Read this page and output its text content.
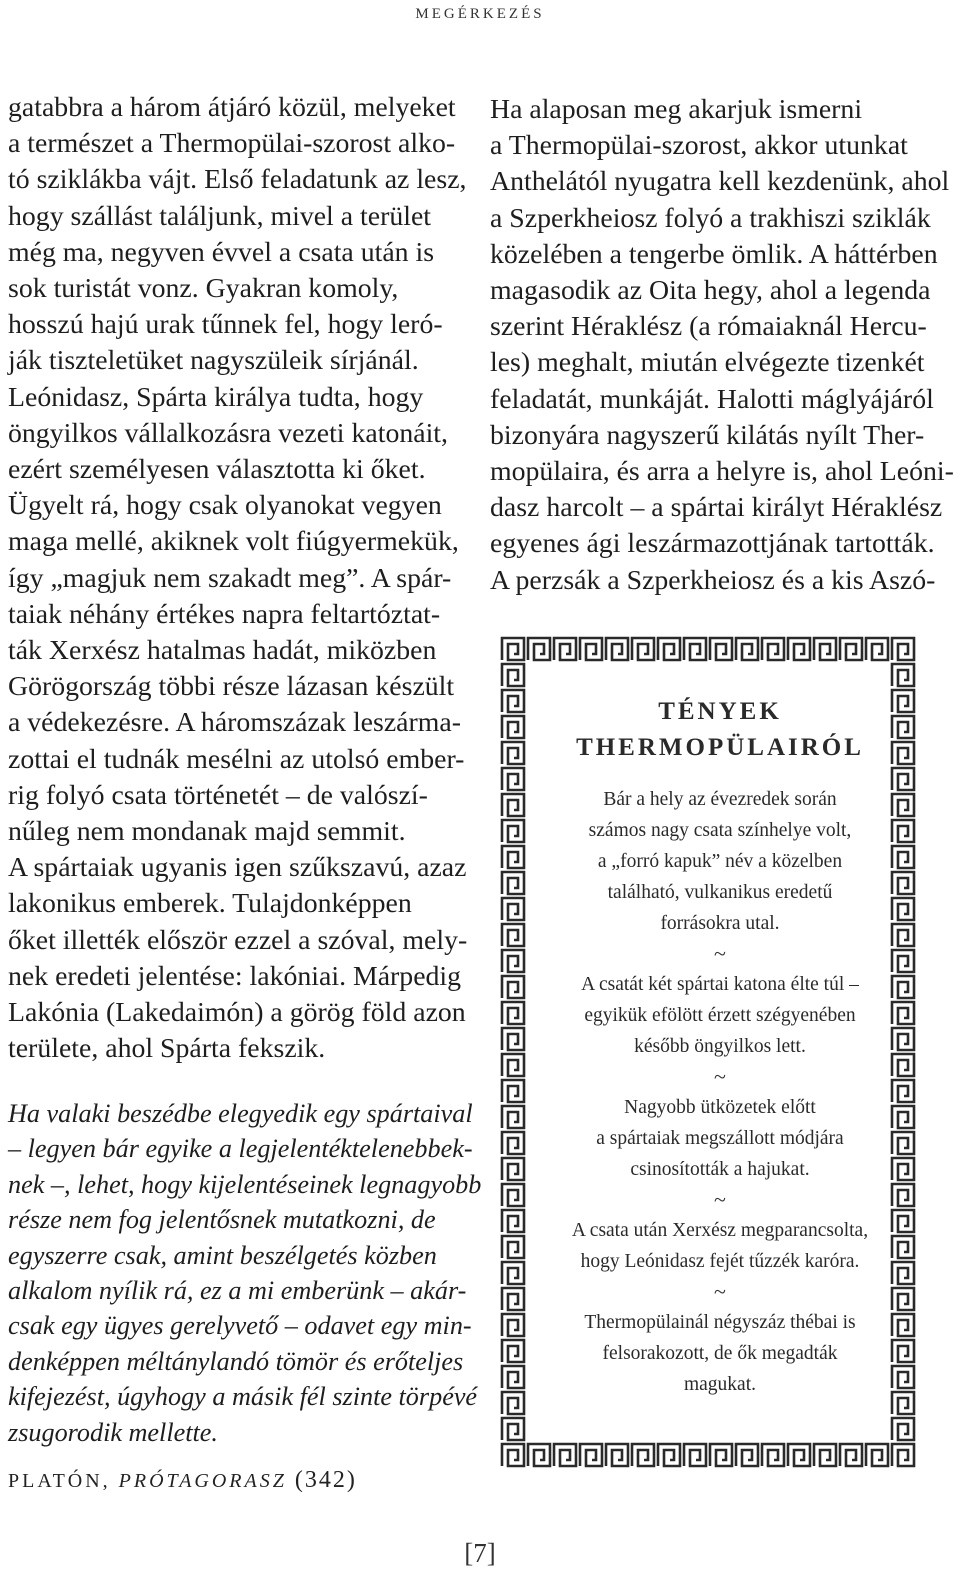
MEGÉRKEZÉS
gatabbra a három átjáró közül, melyeket
a természet a Thermopülai-szorost alko-
tó sziklákba vájt. Első feladatunk az lesz,
hogy szállást találjunk, mivel a terület
még ma, negyven évvel a csata után is
sok turistát vonz. Gyakran komoly,
hosszú hajú urak tűnnek fel, hogy leró-
ják tiszteletüket nagyszüleik sírjánál.
Leónidasz, Spárta királya tudta, hogy
öngyilkos vállalkozásra vezeti katonáit,
ezért személyesen választotta ki őket.
Ügyelt rá, hogy csak olyanokat vegyen
maga mellé, akiknek volt fiúgyermekük,
így „magjuk nem szakadt meg”. A spár-
taiak néhány értékes napra feltartóztat-
ták Xerxész hatalmas hadát, miközben
Görögország többi része lázasan készült
a védekezésre. A háromszázak leszárma-
zottai el tudnák mesélni az utolsó ember-
rig folyó csata történetét – de valószí-
nűleg nem mondanak majd semmit.
A spártaiak ugyanis igen szűkszavú, azaz
lakonikus emberek. Tulajdonképpen
őket illették először ezzel a szóval, mely-
nek eredeti jelentése: lakóniai. Márpedig
Lakónia (Lakedaimón) a görög föld azon
területe, ahol Spárta fekszik.
Ha valaki beszédbe elegyedik egy spártaival
– legyen bár egyike a legjelentéktelenebbek-
nek –, lehet, hogy kijelentéseinek legnagyobb
része nem fog jelentősnek mutatkozni, de
egyszerre csak, amint beszélgetés közben
alkalom nyílik rá, ez a mi emberünk – akár-
csak egy ügyes gerelyvető – odavet egy min-
denképpen méltánylandó tömör és erőteljes
kifejezést, úgyhogy a másik fél szinte törpévé
zsugorodik mellette.
PLATÓN, PRÓTAGORASZ (342)
Ha alaposan meg akarjuk ismerni
a Thermopülai-szorost, akkor utunkat
Anthelától nyugatra kell kezdenünk, ahol
a Szperkheiosz folyó a trakhiszi sziklák
közelében a tengerbe ömlik. A háttérben
magasodik az Oita hegy, ahol a legenda
szerint Héraklész (a rómaiaknál Hercu-
les) meghalt, miután elvégezte tizenkét
feladatát, munkáját. Halotti máglyájáról
bizonyára nagyszerű kilátás nyílt Ther-
mopülaira, és arra a helyre is, ahol Leóni-
dasz harcolt – a spártai királyt Héraklész
egyenes ági leszármazottjának tartották.
A perzsák a Szperkheiosz és a kis Aszó-
TÉNYEK
THERMOPÜLAIRÓL
Bár a hely az évezredek során
számos nagy csata színhelye volt,
a „forró kapuk” név a közelben
található, vulkanikus eredetű
forrásokra utal.
~
A csatát két spártai katona élte túl –
egyikük efölött érzett szégyenében
később öngyilkos lett.
~
Nagyobb ütközetek előtt
a spártaiak megszállott módjára
csinosították a hajukat.
~
A csata után Xerxész megparancsolta,
hogy Leónidasz fejét tűzzék karóra.
~
Thermopülainál négyszáz thébai is
felsorakozott, de ők megadták
magukat.
[7]
